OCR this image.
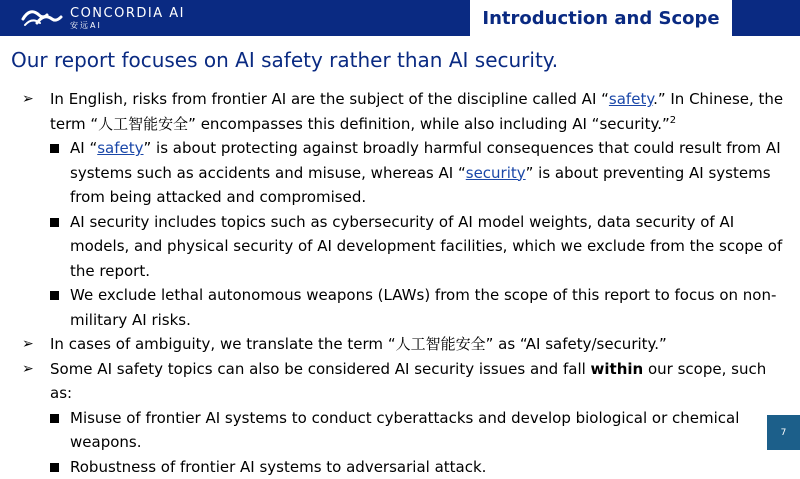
CONCORDIA AI
安远AI	Introduction and Scope
Our report focuses on AI safety rather than AI security.
➢	In English, risks from frontier AI are the subject of the discipline called AI “safety.” In Chinese, the term “人工智能安全” encompasses this definition, while also including AI “security.”$^2$
AI “safety” is about protecting against broadly harmful consequences that could result from AI systems such as accidents and misuse, whereas AI “security” is about preventing AI systems from being attacked and compromised.
AI security includes topics such as cybersecurity of AI model weights, data security of AI models, and physical security of AI development facilities, which we exclude from the scope of the report.
We exclude lethal autonomous weapons (LAWs) from the scope of this report to focus on non-military AI risks.
➢	In cases of ambiguity, we translate the term “人工智能安全” as “AI safety/security.”
➢	Some AI safety topics can also be considered AI security issues and fall within our scope, such as:
Misuse of frontier AI systems to conduct cyberattacks and develop biological or chemical weapons.
Robustness of frontier AI systems to adversarial attack.
7
